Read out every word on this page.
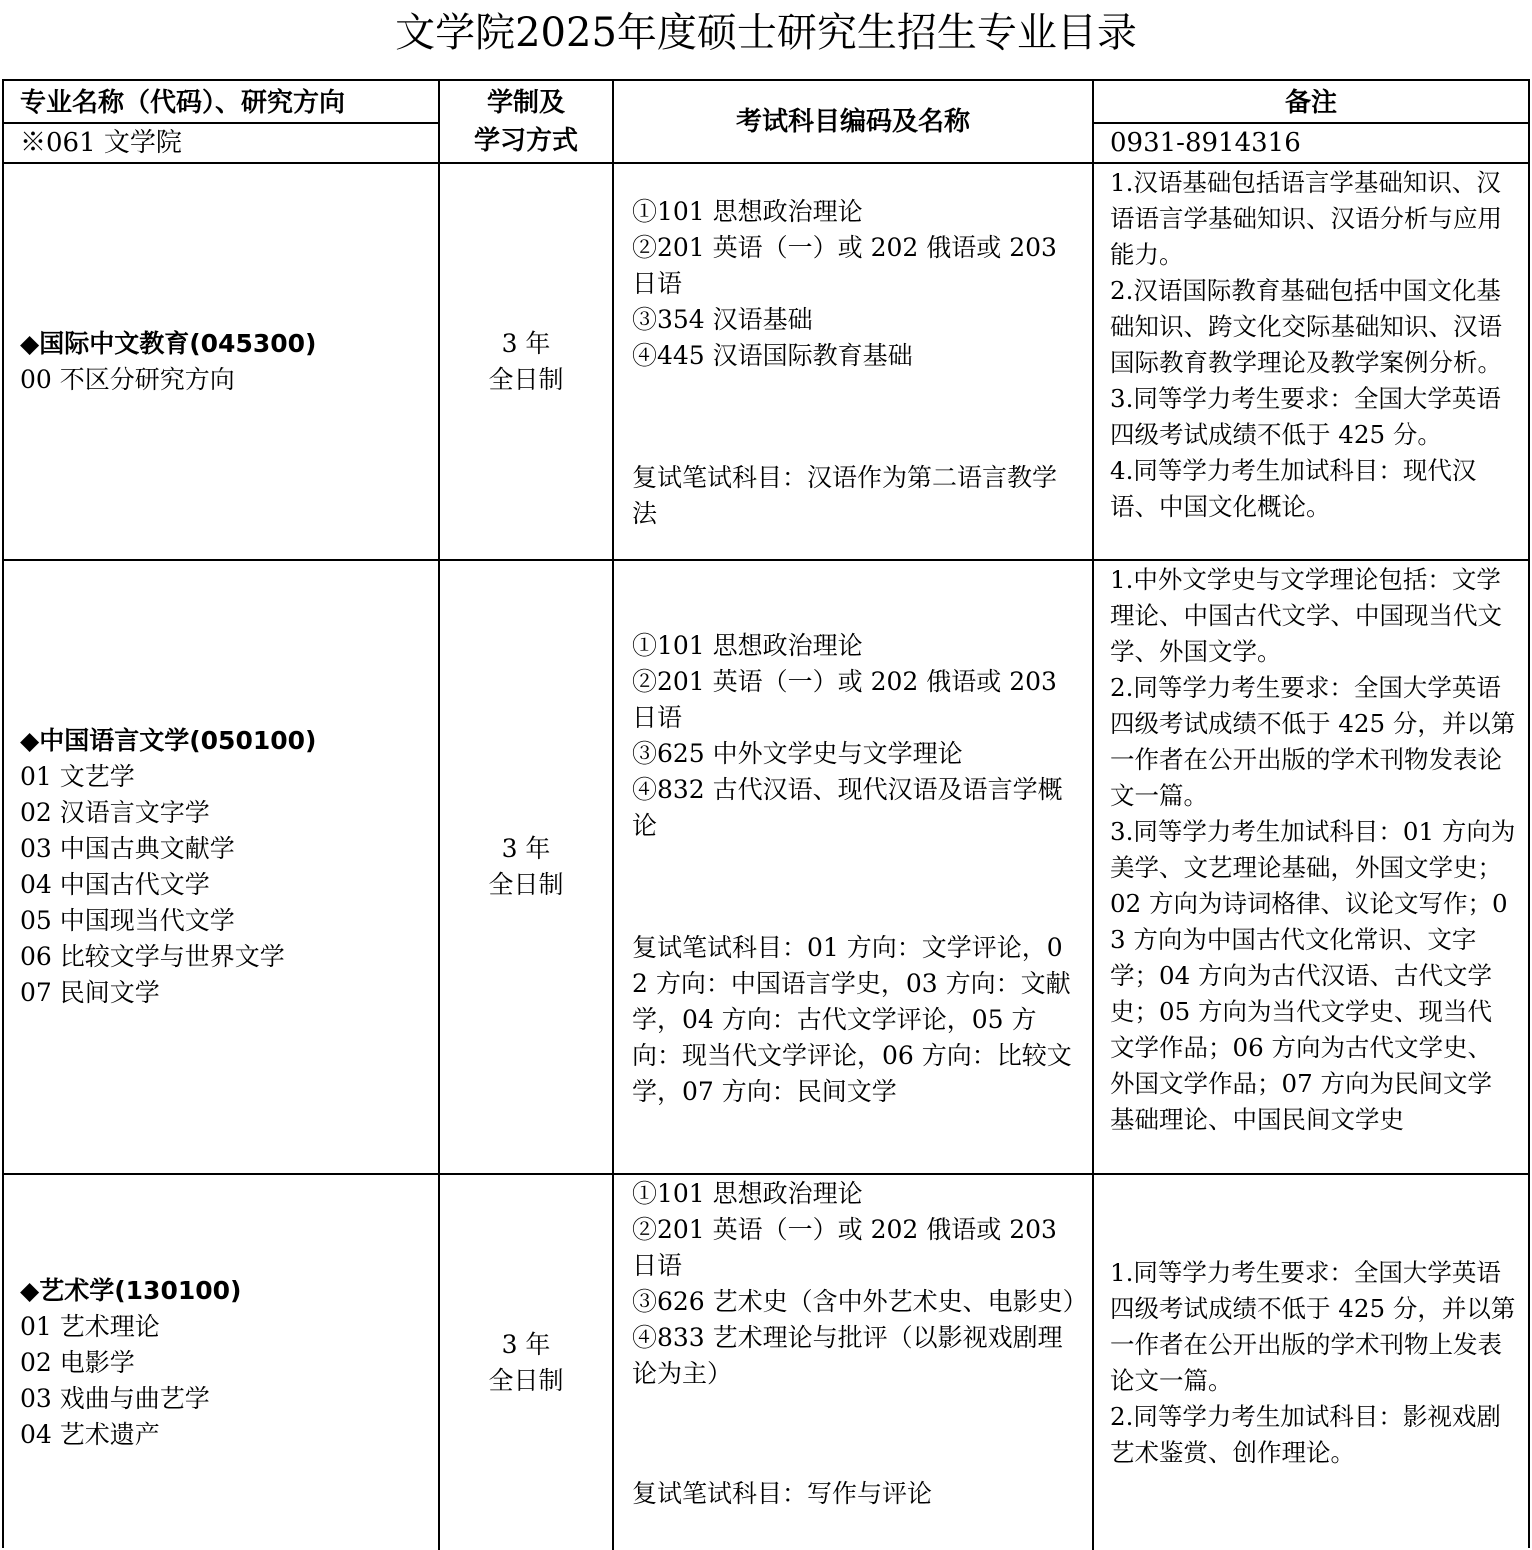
文学院2025年度硕士研究生招生专业目录
专业名称（代码）、研究方向
※061 文学院
学制及
学习方式
考试科目编码及名称
备注
0931-8914316
◆国际中文教育(045300)
00 不区分研究方向
3 年
全日制
①101 思想政治理论
②201 英语（一）或 202 俄语或 203 日语
③354 汉语基础
④445 汉语国际教育基础
复试笔试科目：汉语作为第二语言教学法
1.汉语基础包括语言学基础知识、汉语语言学基础知识、汉语分析与应用能力。
2.汉语国际教育基础包括中国文化基础知识、跨文化交际基础知识、汉语国际教育教学理论及教学案例分析。
3.同等学力考生要求：全国大学英语四级考试成绩不低于 425 分。
4.同等学力考生加试科目：现代汉语、中国文化概论。
◆中国语言文学(050100)
01 文艺学
02 汉语言文字学
03 中国古典文献学
04 中国古代文学
05 中国现当代文学
06 比较文学与世界文学
07 民间文学
3 年
全日制
①101 思想政治理论
②201 英语（一）或 202 俄语或 203 日语
③625 中外文学史与文学理论
④832 古代汉语、现代汉语及语言学概论
复试笔试科目：01 方向：文学评论，02 方向：中国语言学史，03 方向：文献学，04 方向：古代文学评论，05 方向：现当代文学评论，06 方向：比较文学，07 方向：民间文学
1.中外文学史与文学理论包括：文学理论、中国古代文学、中国现当代文学、外国文学。
2.同等学力考生要求：全国大学英语四级考试成绩不低于 425 分，并以第一作者在公开出版的学术刊物发表论文一篇。
3.同等学力考生加试科目：01 方向为美学、文艺理论基础，外国文学史；02 方向为诗词格律、议论文写作；03 方向为中国古代文化常识、文字学；04 方向为古代汉语、古代文学史；05 方向为当代文学史、现当代文学作品；06 方向为古代文学史、外国文学作品；07 方向为民间文学基础理论、中国民间文学史
◆艺术学(130100)
01 艺术理论
02 电影学
03 戏曲与曲艺学
04 艺术遗产
3 年
全日制
①101 思想政治理论
②201 英语（一）或 202 俄语或 203 日语
③626 艺术史（含中外艺术史、电影史）
④833 艺术理论与批评（以影视戏剧理论为主）
复试笔试科目：写作与评论
1.同等学力考生要求：全国大学英语四级考试成绩不低于 425 分，并以第一作者在公开出版的学术刊物上发表论文一篇。
2.同等学力考生加试科目：影视戏剧艺术鉴赏、创作理论。
